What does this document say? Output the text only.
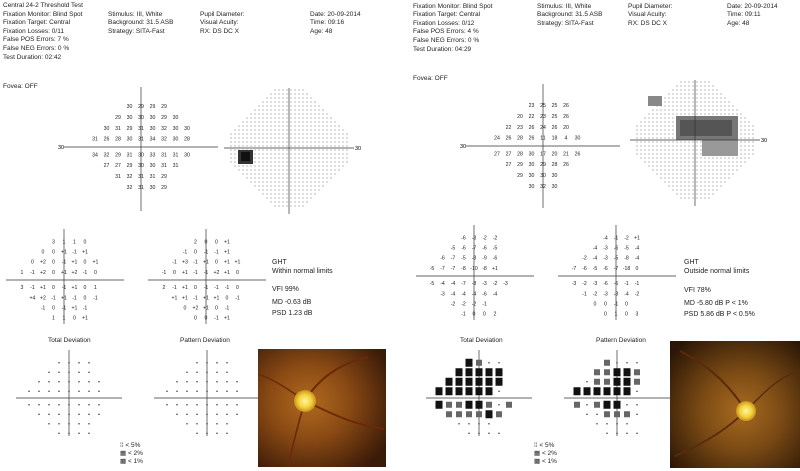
Central 24-2 Threshold Test
Fixation Monitor: Blind Spot
Fixation Target: Central
Fixation Losses: 0/11
False POS Errors: 7 %
False NEG Errors: 0 %
Test Duration: 02:42
Stimulus: III, White
Background: 31.5 ASB
Strategy: SITA-Fast
Pupil Diameter:
Visual Acuity:
RX: DS DC X
Date: 20-09-2014
Time: 09:16
Age: 48
Fovea: OFF
30
30 29 29 29
29 30 30 30 29 30
30 31 29 31 30 32 30 30
31 26 28 30 31 34 32 30 28
34 32 29 31 30 33 31 31 30
27 27 29 30 30 31 31
31 32 31 31 29
32 31 30 29
30
3 1 1 0
0 0 +1 -1 +1
0 +2 0 -1 +1 0 +1
1 -1 +2 0 +1 +2 -1 0
3 -1 +1 0 -1 +1 0 1
+4 +2 -1 +1 -1 0 -1
-1 0 -1 +1 -1
1 1 0 +1
2 0 0 +1
-1 0 -1 -1 +1
-1 +3 -1 +1 0 +1 +1
-1 0 +1 -1 -1 +2 +1 0
2 -1 +1 0 -1 -1 -1 0
+1 +1 -1 +1 +1 0 -1
0 +2 +1 0 -1
0 0 -1 +1
GHT
Within normal limits
VFI 99%
MD -0.63 dB
PSD 1.23 dB
Total Deviation	Pattern Deviation
Fixation Monitor: Blind Spot
Fixation Target: Central
Fixation Losses: 0/12
False POS Errors: 4 %
False NEG Errors: 0 %
Test Duration: 04:29
Stimulus: III, White
Background: 31.5 ASB
Strategy: SITA-Fast
Pupil Diameter:
Visual Acuity:
RX: DS DC X
Date: 20-09-2014
Time: 09:11
Age: 48
Fovea: OFF
30
23 25 25 26
20 22 23 25 26
22 23 26 24 26 20
24 26 28 26 11 18 4 30
27 27 28 30 17 20 21 26
27 29 30 29 28 26
29 30 30 30
30 32 30
30
-6 -3 -2 -2
-5 -6 -7 -6 -5
-6 -7 -5 -8 -9 -6
-5 -7 -7 -8 -10 -8 +1
-5 -4 -4 -7 -8 -3 -2 -3
-3 -4 -4 -4 -6 -4
-2 -2 -2 -1
-1 0 0 2
-4 -1 -2 +1
-4 -3 -6 -5 -4
-2 -4 -3 -5 -8 -4
-7 -6 -5 -6 -7 -18 0
-3 -2 -3 -6 -6 -1 -1
-1 -2 -3 -3 -4 -2
0 0 -1 0
0 1 0 3
GHT
Outside normal limits
VFI 78%
MD -5.80 dB P < 1%
PSD 5.86 dB P < 0.5%
Total Deviation	Pattern Deviation
⁞⁞ < 5%
▦ < 2%
▩ < 1%
⁞⁞ < 5%
▦ < 2%
▩ < 1%
